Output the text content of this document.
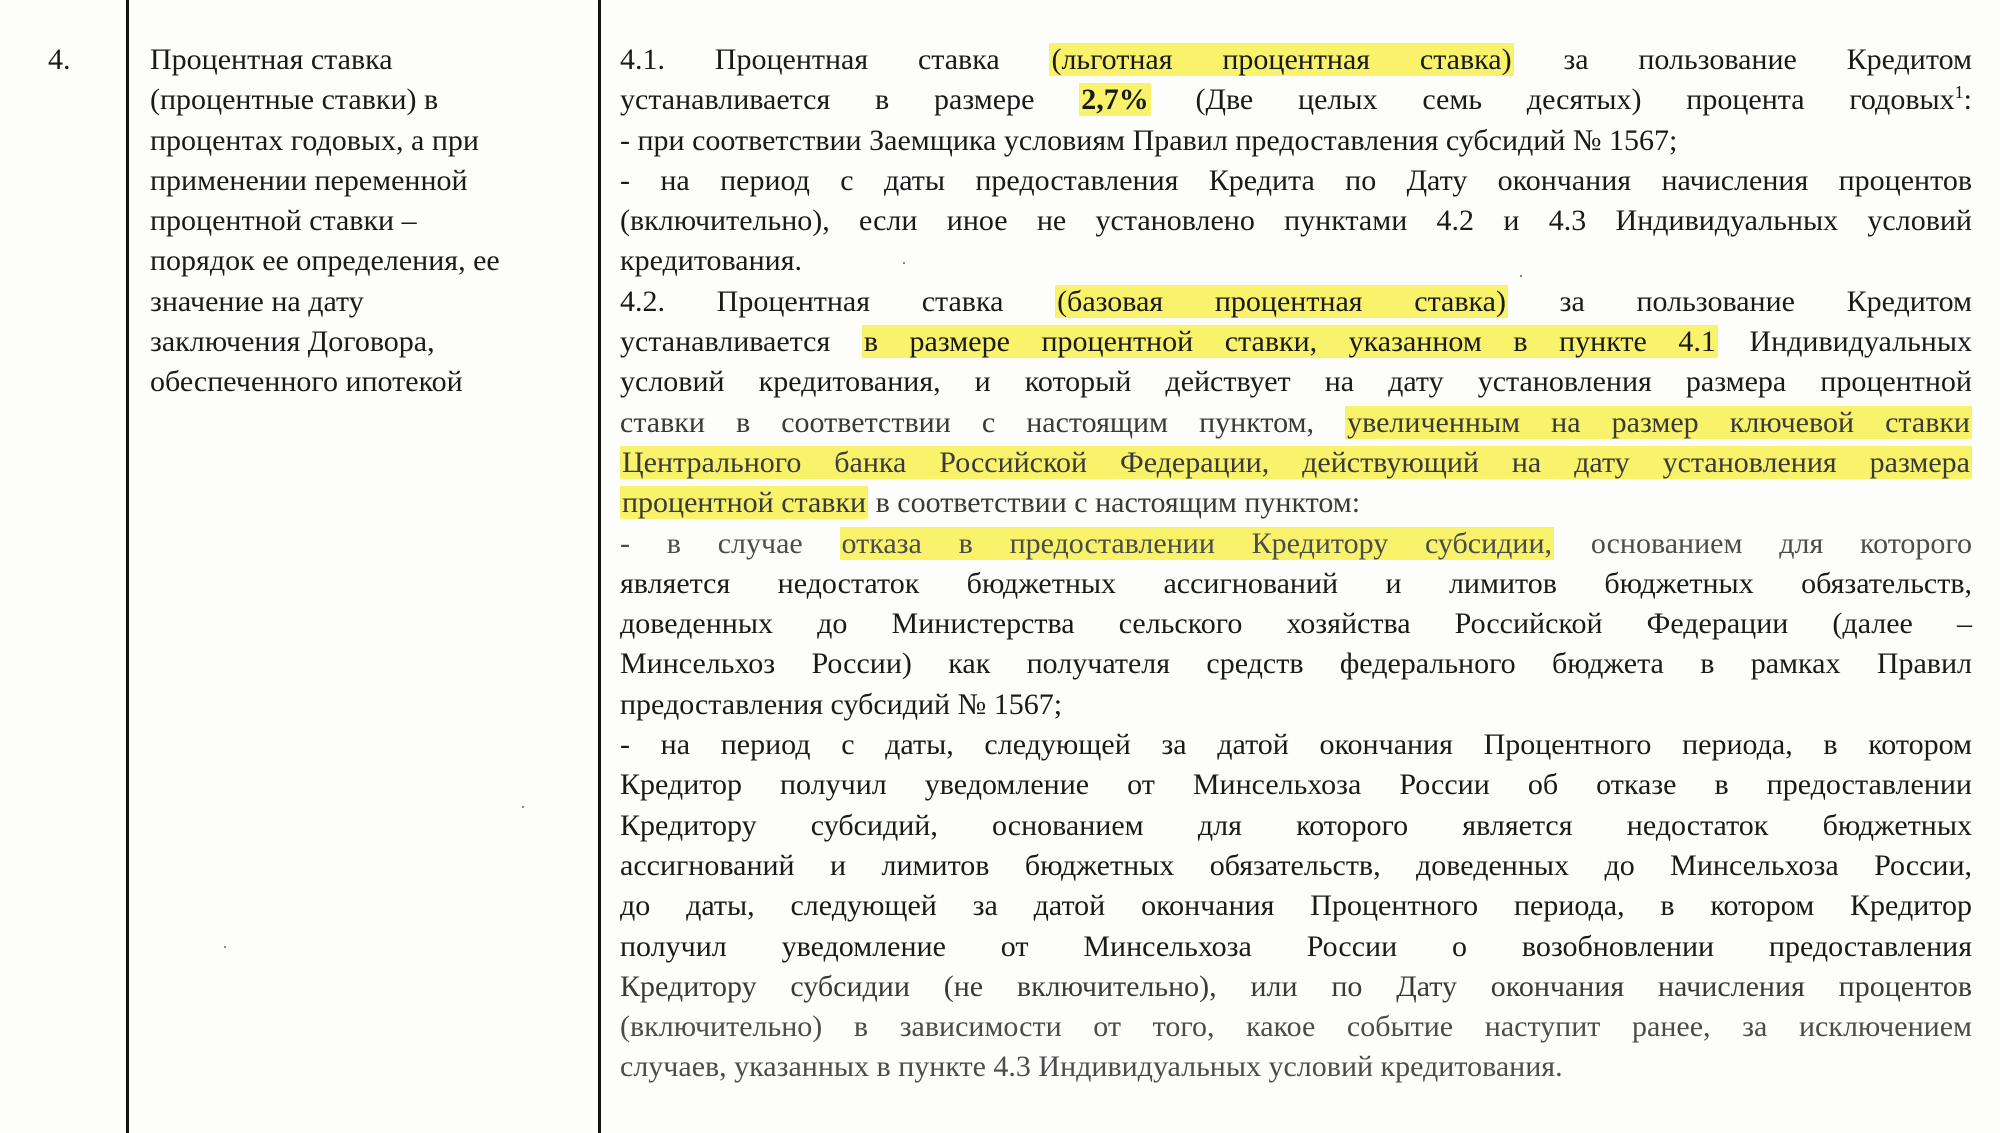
4.	Процентная ставка
(процентные ставки) в
процентах годовых, а при
применении переменной
процентной ставки –
порядок ее определения, ее
значение на дату
заключения Договора,
обеспеченного ипотекой
4.1. Процентная ставка (льготная процентная ставка) за пользование Кредитом
устанавливается в размере 2,7% (Две целых семь десятых) процента годовых$^1$:
- при соответствии Заемщика условиям Правил предоставления субсидий № 1567;
- на период с даты предоставления Кредита по Дату окончания начисления процентов
(включительно), если иное не установлено пунктами 4.2 и 4.3 Индивидуальных условий
кредитования.
4.2. Процентная ставка (базовая процентная ставка) за пользование Кредитом
устанавливается в размере процентной ставки, указанном в пункте 4.1 Индивидуальных
условий кредитования, и который действует на дату установления размера процентной
ставки в соответствии с настоящим пунктом, увеличенным на размер ключевой ставки
Центрального банка Российской Федерации, действующий на дату установления размера
процентной ставки в соответствии с настоящим пунктом:
- в случае отказа в предоставлении Кредитору субсидии, основанием для которого
является недостаток бюджетных ассигнований и лимитов бюджетных обязательств,
доведенных до Министерства сельского хозяйства Российской Федерации (далее –
Минсельхоз России) как получателя средств федерального бюджета в рамках Правил
предоставления субсидий № 1567;
- на период с даты, следующей за датой окончания Процентного периода, в котором
Кредитор получил уведомление от Минсельхоза России об отказе в предоставлении
Кредитору субсидий, основанием для которого является недостаток бюджетных
ассигнований и лимитов бюджетных обязательств, доведенных до Минсельхоза России,
до даты, следующей за датой окончания Процентного периода, в котором Кредитор
получил уведомление от Минсельхоза России о возобновлении предоставления
Кредитору субсидии (не включительно), или по Дату окончания начисления процентов
(включительно) в зависимости от того, какое событие наступит ранее, за исключением
случаев, указанных в пункте 4.3 Индивидуальных условий кредитования.
